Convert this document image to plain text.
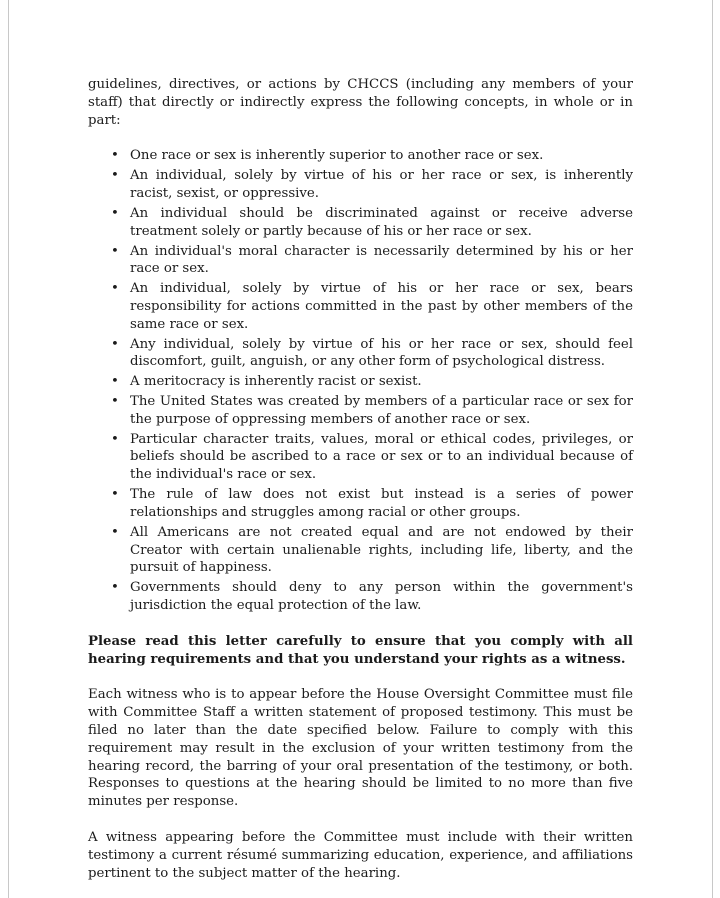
guidelines, directives, or actions by CHCCS (including any members of your staff) that directly or indirectly express the following concepts, in whole or in part:

• One race or sex is inherently superior to another race or sex.
• An individual, solely by virtue of his or her race or sex, is inherently racist, sexist, or oppressive.
• An individual should be discriminated against or receive adverse treatment solely or partly because of his or her race or sex.
• An individual's moral character is necessarily determined by his or her race or sex.
• An individual, solely by virtue of his or her race or sex, bears responsibility for actions committed in the past by other members of the same race or sex.
• Any individual, solely by virtue of his or her race or sex, should feel discomfort, guilt, anguish, or any other form of psychological distress.
• A meritocracy is inherently racist or sexist.
• The United States was created by members of a particular race or sex for the purpose of oppressing members of another race or sex.
• Particular character traits, values, moral or ethical codes, privileges, or beliefs should be ascribed to a race or sex or to an individual because of the individual's race or sex.
• The rule of law does not exist but instead is a series of power relationships and struggles among racial or other groups.
• All Americans are not created equal and are not endowed by their Creator with certain unalienable rights, including life, liberty, and the pursuit of happiness.
• Governments should deny to any person within the government's jurisdiction the equal protection of the law.

Please read this letter carefully to ensure that you comply with all hearing requirements and that you understand your rights as a witness.

Each witness who is to appear before the House Oversight Committee must file with Committee Staff a written statement of proposed testimony. This must be filed no later than the date specified below. Failure to comply with this requirement may result in the exclusion of your written testimony from the hearing record, the barring of your oral presentation of the testimony, or both. Responses to questions at the hearing should be limited to no more than five minutes per response.

A witness appearing before the Committee must include with their written testimony a current résumé summarizing education, experience, and affiliations pertinent to the subject matter of the hearing.
